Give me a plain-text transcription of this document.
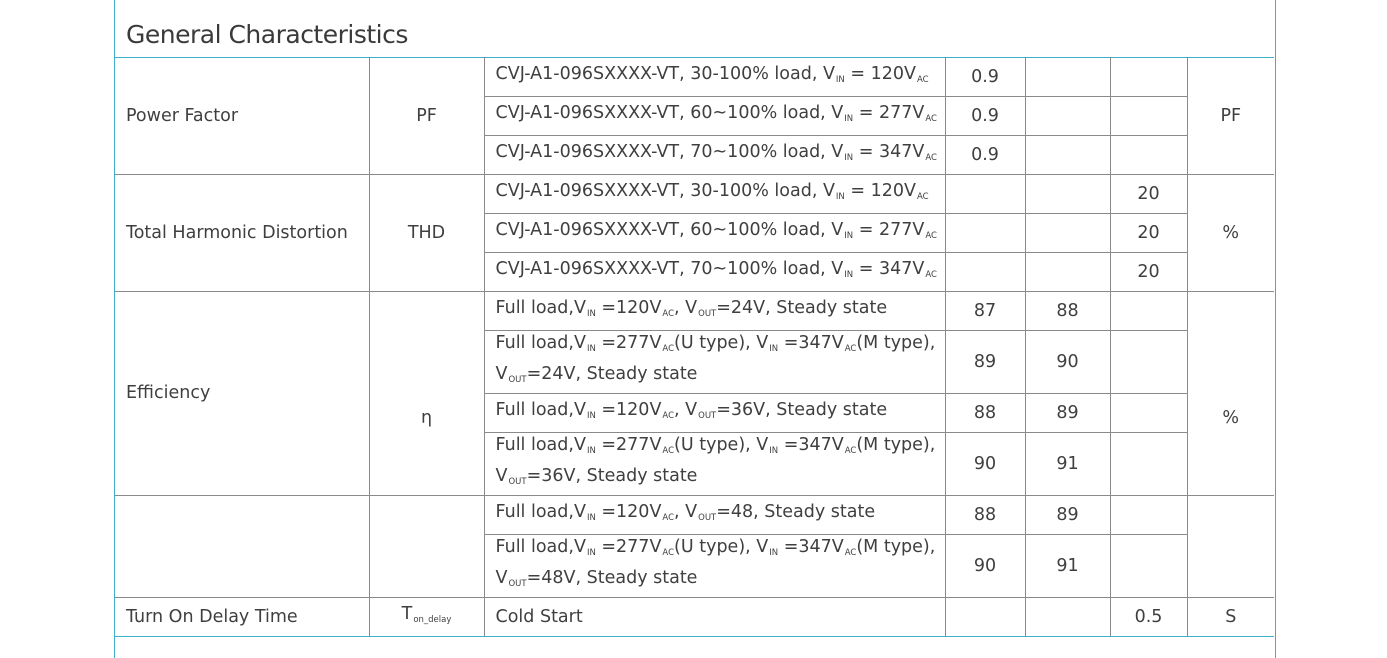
General Characteristics
Power Factor	PF	CVJ-A1-096SXXXX-VT, 30-100% load, $V_{IN} = 120V_{AC}$	0.9			PF
		CVJ-A1-096SXXXX-VT, 60~100% load, $V_{IN} = 277V_{AC}$	0.9			
		CVJ-A1-096SXXXX-VT, 70~100% load, $V_{IN} = 347V_{AC}$	0.9			
Total Harmonic Distortion	THD	CVJ-A1-096SXXXX-VT, 30-100% load, $V_{IN} = 120V_{AC}$			20	%
		CVJ-A1-096SXXXX-VT, 60~100% load, $V_{IN} = 277V_{AC}$			20	
		CVJ-A1-096SXXXX-VT, 70~100% load, $V_{IN} = 347V_{AC}$			20	
Efficiency	η	Full $load,V_{IN} =120V_{AC}$, $V_{OUT}=24V$, Steady state	87	88		%
		Full $load,V_{IN} =277V_{AC}(U$ type), $V_{IN} =347V_{AC}(M$ type),
$V_{OUT}=24V$, Steady state	89	90		
		Full $load,V_{IN} =120V_{AC}$, $V_{OUT}=36V$, Steady state	88	89		
		Full $load,V_{IN} =277V_{AC}(U$ type), $V_{IN} =347V_{AC}(M$ type),
$V_{OUT}=36V$, Steady state	90	91		
		Full $load,V_{IN} =120V_{AC}$, $V_{OUT}=48$, Steady state	88	89		
		Full $load,V_{IN} =277V_{AC}(U$ type), $V_{IN} =347V_{AC}(M$ type),
$V_{OUT}=48V$, Steady state	90	91		
Turn On Delay Time	$T_{on\_delay}$	Cold Start			0.5	S
